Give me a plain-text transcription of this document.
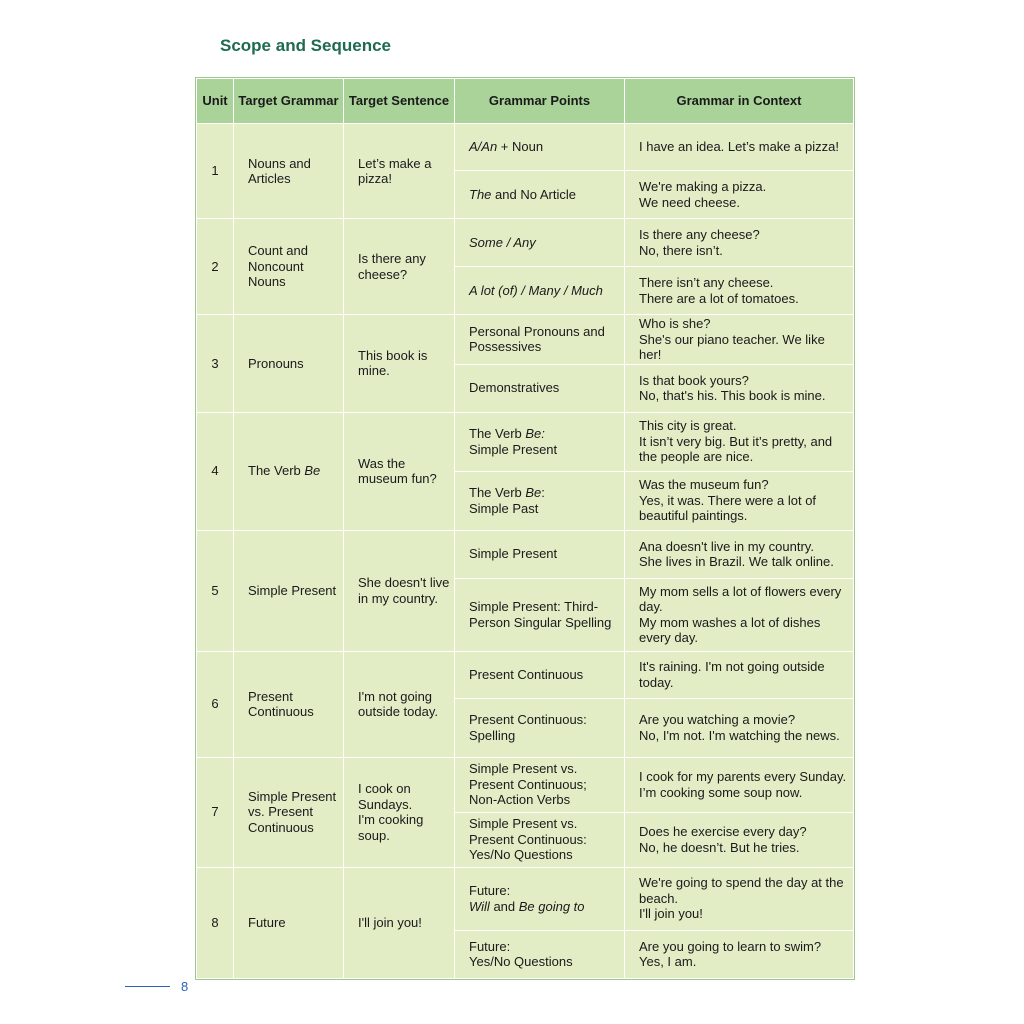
Scope and Sequence
Unit	Target Grammar	Target Sentence	Grammar Points	Grammar in Context
1	Nouns and Articles	Let’s make a pizza!	A/An + Noun	I have an idea. Let’s make a pizza!
			The and No Article	We're making a pizza.
We need cheese.
2	Count and Noncount Nouns	Is there any cheese?	Some / Any	Is there any cheese?
No, there isn’t.
			A lot (of) / Many / Much	There isn’t any cheese.
There are a lot of tomatoes.
3	Pronouns	This book is mine.	Personal Pronouns and Possessives	Who is she?
She's our piano teacher. We like her!
			Demonstratives	Is that book yours?
No, that's his. This book is mine.
4	The Verb Be	Was the museum fun?	The Verb Be:
Simple Present	This city is great.
It isn’t very big. But it’s pretty, and the people are nice.
			The Verb Be:
Simple Past	Was the museum fun?
Yes, it was. There were a lot of beautiful paintings.
5	Simple Present	She doesn't live in my country.	Simple Present	Ana doesn't live in my country.
She lives in Brazil. We talk online.
			Simple Present: Third-Person Singular Spelling	My mom sells a lot of flowers every day.
My mom washes a lot of dishes every day.
6	Present Continuous	I'm not going outside today.	Present Continuous	It's raining. I'm not going outside today.
			Present Continuous:
Spelling	Are you watching a movie?
No, I'm not. I'm watching the news.
7	Simple Present vs. Present Continuous	I cook on Sundays.
I'm cooking soup.	Simple Present vs.
Present Continuous;
Non-Action Verbs	I cook for my parents every Sunday.
I’m cooking some soup now.
			Simple Present vs.
Present Continuous:
Yes/No Questions	Does he exercise every day?
No, he doesn’t. But he tries.
8	Future	I'll join you!	Future:
Will and Be going to	We're going to spend the day at the beach.
I'll join you!
			Future:
Yes/No Questions	Are you going to learn to swim?
Yes, I am.
8
